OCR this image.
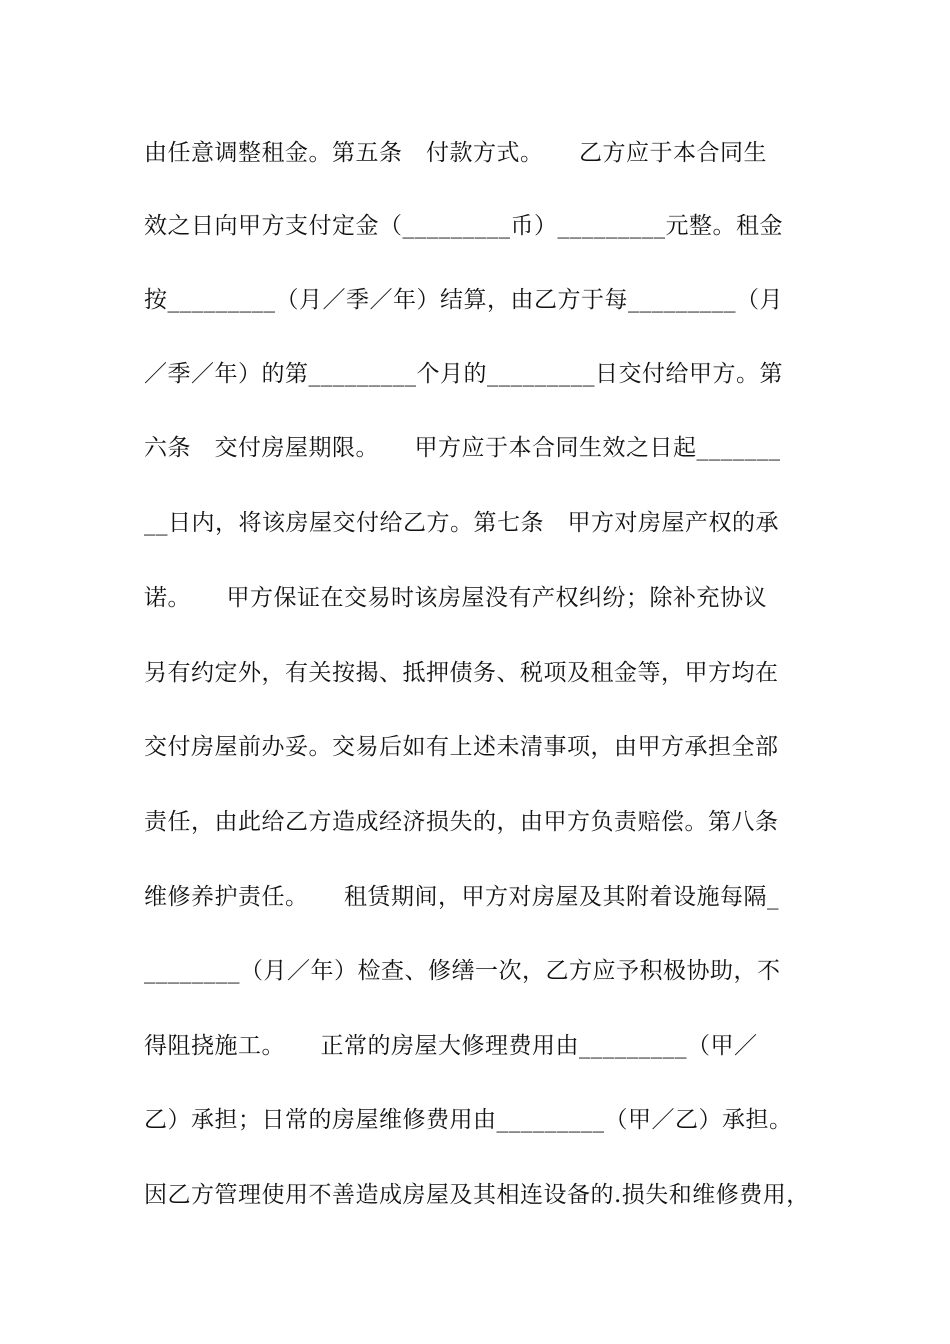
由任意调整租金。第五条　付款方式。　　乙方应于本合同生
效之日向甲方支付定金（_________币）_________元整。租金
按_________（月／季／年）结算，由乙方于每_________（月
／季／年）的第_________个月的_________日交付给甲方。第
六条　交付房屋期限。　　甲方应于本合同生效之日起_______
__日内，将该房屋交付给乙方。第七条　甲方对房屋产权的承
诺。　　甲方保证在交易时该房屋没有产权纠纷；除补充协议
另有约定外，有关按揭、抵押债务、税项及租金等，甲方均在
交付房屋前办妥。交易后如有上述未清事项，由甲方承担全部
责任，由此给乙方造成经济损失的，由甲方负责赔偿。第八条
维修养护责任。　　租赁期间，甲方对房屋及其附着设施每隔_
________（月／年）检查、修缮一次，乙方应予积极协助，不
得阻挠施工。　　正常的房屋大修理费用由_________（甲／
乙）承担；日常的房屋维修费用由_________（甲／乙）承担。
因乙方管理使用不善造成房屋及其相连设备的.损失和维修费用，
